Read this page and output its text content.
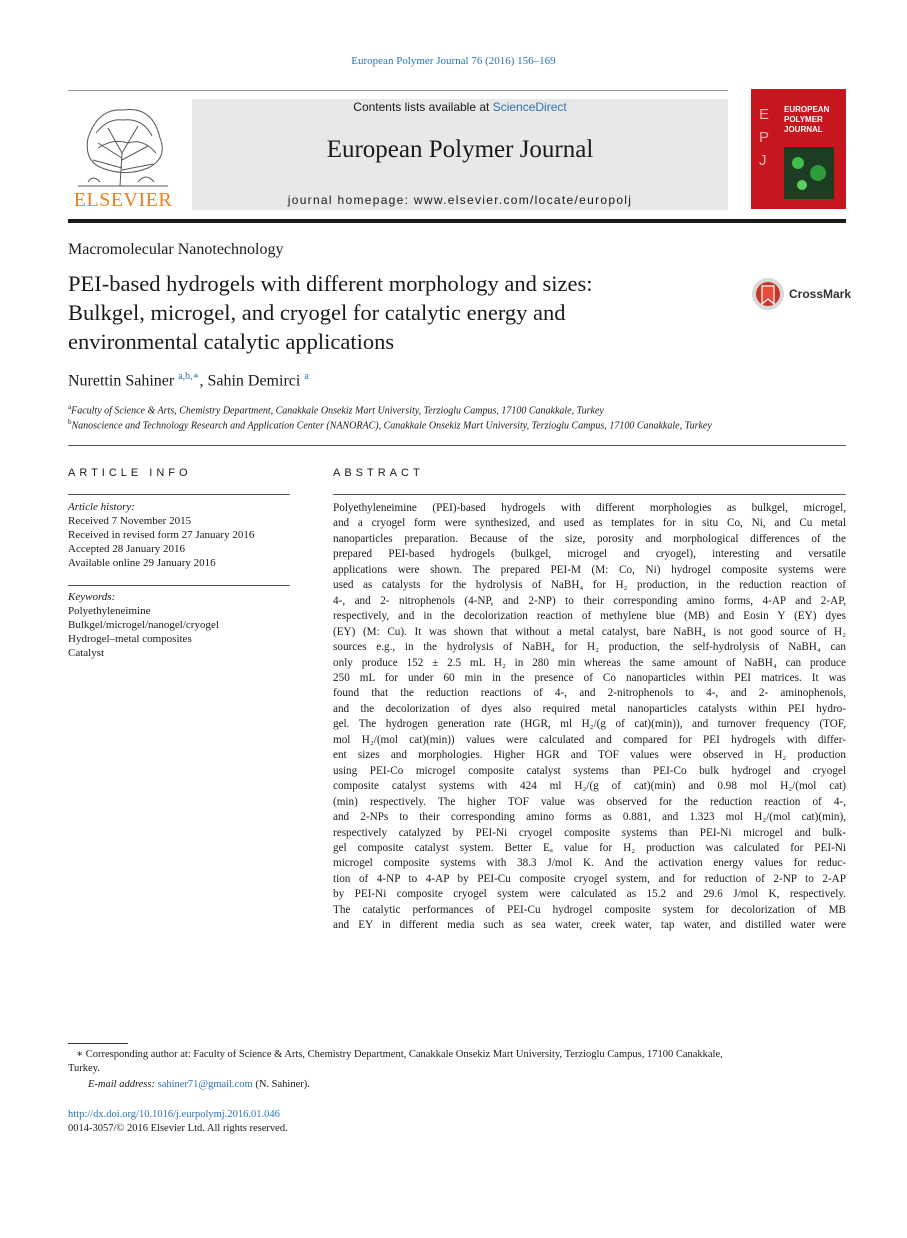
European Polymer Journal 76 (2016) 156–169
ELSEVIER
Contents lists available at ScienceDirect
European Polymer Journal
journal homepage: www.elsevier.com/locate/europolj
E
P
J
EUROPEAN
POLYMER
JOURNAL
Macromolecular Nanotechnology
PEI-based hydrogels with different morphology and sizes:
Bulkgel, microgel, and cryogel for catalytic energy and
environmental catalytic applications
CrossMark
Nurettin Sahiner $^{a,b,∗}$, Sahin Demirci $^a$
$^a$Faculty of Science & Arts, Chemistry Department, Canakkale Onsekiz Mart University, Terzioglu Campus, 17100 Canakkale, Turkey
$^b$Nanoscience and Technology Research and Application Center (NANORAC), Canakkale Onsekiz Mart University, Terzioglu Campus, 17100 Canakkale, Turkey
ARTICLE INFO
Article history:
Received 7 November 2015
Received in revised form 27 January 2016
Accepted 28 January 2016
Available online 29 January 2016
Keywords:
Polyethyleneimine
Bulkgel/microgel/nanogel/cryogel
Hydrogel–metal composites
Catalyst
ABSTRACT
Polyethyleneimine (PEI)-based hydrogels with different morphologies as bulkgel, microgel,
and a cryogel form were synthesized, and used as templates for in situ Co, Ni, and Cu metal
nanoparticles preparation. Because of the size, porosity and morphological differences of the
prepared PEI-based hydrogels (bulkgel, microgel and cryogel), interesting and versatile
applications were shown. The prepared PEI-M (M: Co, Ni) hydrogel composite systems were
used as catalysts for the hydrolysis of NaBH₄ for H₂ production, in the reduction reaction of
4-, and 2- nitrophenols (4-NP, and 2-NP) to their corresponding amino forms, 4-AP and 2-AP,
respectively, and in the decolorization reaction of methylene blue (MB) and Eosin Y (EY) dyes
(EY) (M: Cu). It was shown that without a metal catalyst, bare NaBH₄ is not good source of H₂
sources e.g., in the hydrolysis of NaBH₄ for H₂ production, the self-hydrolysis of NaBH₄ can
only produce 152 ± 2.5 mL H₂ in 280 min whereas the same amount of NaBH₄ can produce
250 mL for under 60 min in the presence of Co nanoparticles within PEI matrices. It was
found that the reduction reactions of 4-, and 2-nitrophenols to 4-, and 2- aminophenols,
and the decolorization of dyes also required metal nanoparticles catalysts within PEI hydro-
gel. The hydrogen generation rate (HGR, ml H₂/(g of cat)(min)), and turnover frequency (TOF,
mol H₂/(mol cat)(min)) values were calculated and compared for PEI hydrogels with differ-
ent sizes and morphologies. Higher HGR and TOF values were observed in H₂ production
using PEI-Co microgel composite catalyst systems than PEI-Co bulk hydrogel and cryogel
composite catalyst systems with 424 ml H₂/(g of cat)(min) and 0.98 mol H₂/(mol cat)
(min) respectively. The higher TOF value was observed for the reduction reaction of 4-,
and 2-NPs to their corresponding amino forms as 0.881, and 1.323 mol H₂/(mol cat)(min),
respectively catalyzed by PEI-Ni cryogel composite systems than PEI-Ni microgel and bulk-
gel composite catalyst system. Better Eₐ value for H₂ production was calculated for PEI-Ni
microgel composite systems with 38.3 J/mol K. And the activation energy values for reduc-
tion of 4-NP to 4-AP by PEI-Cu composite cryogel system, and for reduction of 2-NP to 2-AP
by PEI-Ni composite cryogel system were calculated as 15.2 and 29.6 J/mol K, respectively.
The catalytic performances of PEI-Cu hydrogel composite system for decolorization of MB
and EY in different media such as sea water, creek water, tap water, and distilled water were
∗ Corresponding author at: Faculty of Science & Arts, Chemistry Department, Canakkale Onsekiz Mart University, Terzioglu Campus, 17100 Canakkale,
Turkey.
E-mail address: sahiner71@gmail.com (N. Sahiner).
http://dx.doi.org/10.1016/j.eurpolymj.2016.01.046
0014-3057/© 2016 Elsevier Ltd. All rights reserved.
